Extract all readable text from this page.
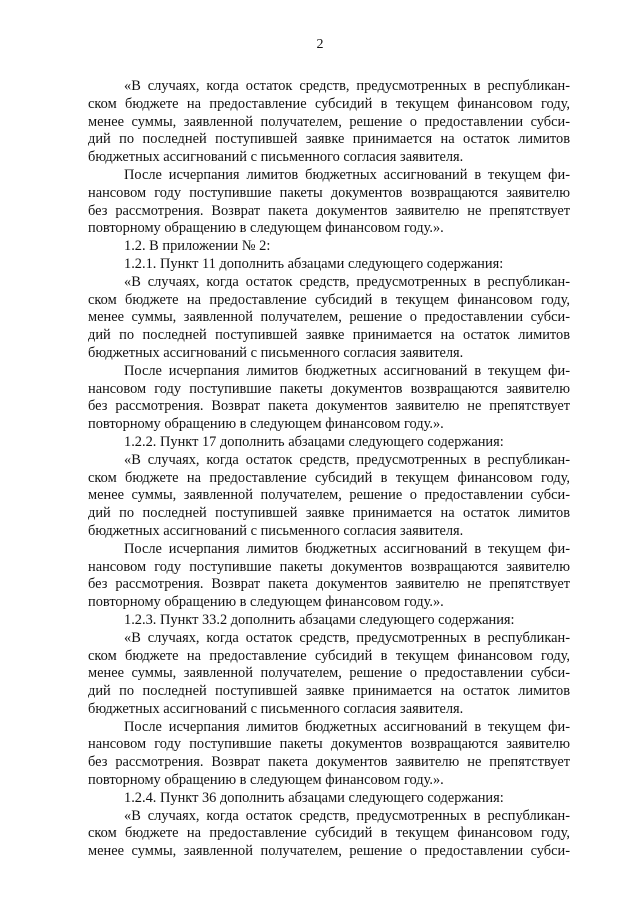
2
«В случаях, когда остаток средств, предусмотренных в республикан-
ском бюджете на предоставление субсидий в текущем финансовом году,
менее суммы, заявленной получателем, решение о предоставлении субси-
дий по последней поступившей заявке принимается на остаток лимитов
бюджетных ассигнований с письменного согласия заявителя.
После исчерпания лимитов бюджетных ассигнований в текущем фи-
нансовом году поступившие пакеты документов возвращаются заявителю
без рассмотрения. Возврат пакета документов заявителю не препятствует
повторному обращению в следующем финансовом году.».
1.2. В приложении № 2:
1.2.1. Пункт 11 дополнить абзацами следующего содержания:
«В случаях, когда остаток средств, предусмотренных в республикан-
ском бюджете на предоставление субсидий в текущем финансовом году,
менее суммы, заявленной получателем, решение о предоставлении субси-
дий по последней поступившей заявке принимается на остаток лимитов
бюджетных ассигнований с письменного согласия заявителя.
После исчерпания лимитов бюджетных ассигнований в текущем фи-
нансовом году поступившие пакеты документов возвращаются заявителю
без рассмотрения. Возврат пакета документов заявителю не препятствует
повторному обращению в следующем финансовом году.».
1.2.2. Пункт 17 дополнить абзацами следующего содержания:
«В случаях, когда остаток средств, предусмотренных в республикан-
ском бюджете на предоставление субсидий в текущем финансовом году,
менее суммы, заявленной получателем, решение о предоставлении субси-
дий по последней поступившей заявке принимается на остаток лимитов
бюджетных ассигнований с письменного согласия заявителя.
После исчерпания лимитов бюджетных ассигнований в текущем фи-
нансовом году поступившие пакеты документов возвращаются заявителю
без рассмотрения. Возврат пакета документов заявителю не препятствует
повторному обращению в следующем финансовом году.».
1.2.3. Пункт 33.2 дополнить абзацами следующего содержания:
«В случаях, когда остаток средств, предусмотренных в республикан-
ском бюджете на предоставление субсидий в текущем финансовом году,
менее суммы, заявленной получателем, решение о предоставлении субси-
дий по последней поступившей заявке принимается на остаток лимитов
бюджетных ассигнований с письменного согласия заявителя.
После исчерпания лимитов бюджетных ассигнований в текущем фи-
нансовом году поступившие пакеты документов возвращаются заявителю
без рассмотрения. Возврат пакета документов заявителю не препятствует
повторному обращению в следующем финансовом году.».
1.2.4. Пункт 36 дополнить абзацами следующего содержания:
«В случаях, когда остаток средств, предусмотренных в республикан-
ском бюджете на предоставление субсидий в текущем финансовом году,
менее суммы, заявленной получателем, решение о предоставлении субси-
